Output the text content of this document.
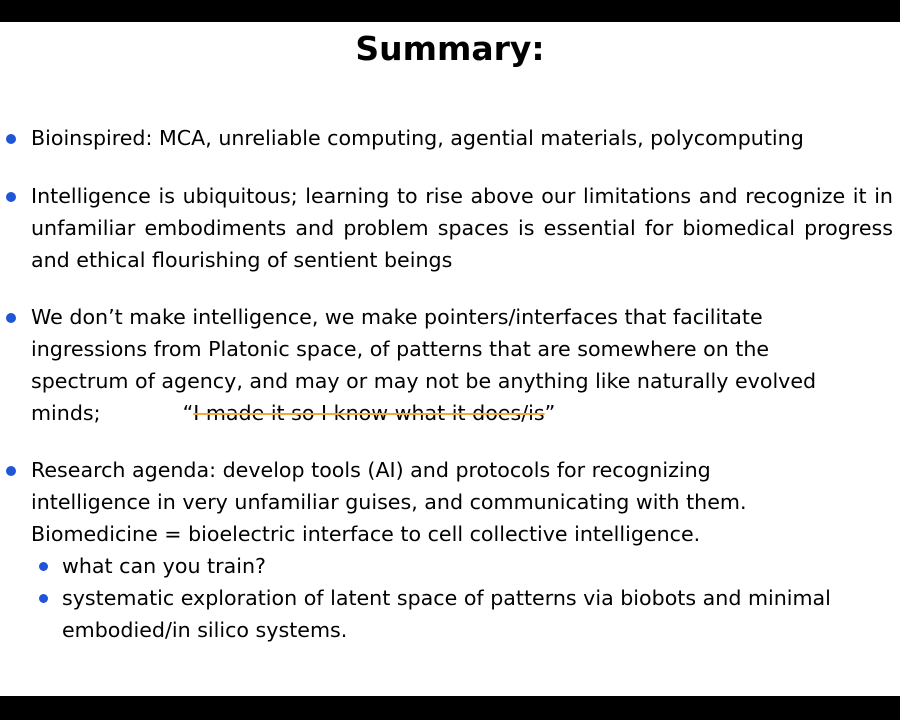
Summary:
Bioinspired: MCA, unreliable computing, agential materials, polycomputing
Intelligence is ubiquitous; learning to rise above our limitations and recognize it in unfamiliar embodiments and problem spaces is essential for biomedical progress and ethical flourishing of sentient beings
We don’t make intelligence, we make pointers/interfaces that facilitate ingressions from Platonic space, of patterns that are somewhere on the spectrum of agency, and may or may not be anything like naturally evolved minds;	“I made it so I know what it does/is”
Research agenda: develop tools (AI) and protocols for recognizing intelligence in very unfamiliar guises, and communicating with them. Biomedicine = bioelectric interface to cell collective intelligence.
what can you train?
systematic exploration of latent space of patterns via biobots and minimal embodied/in silico systems.
